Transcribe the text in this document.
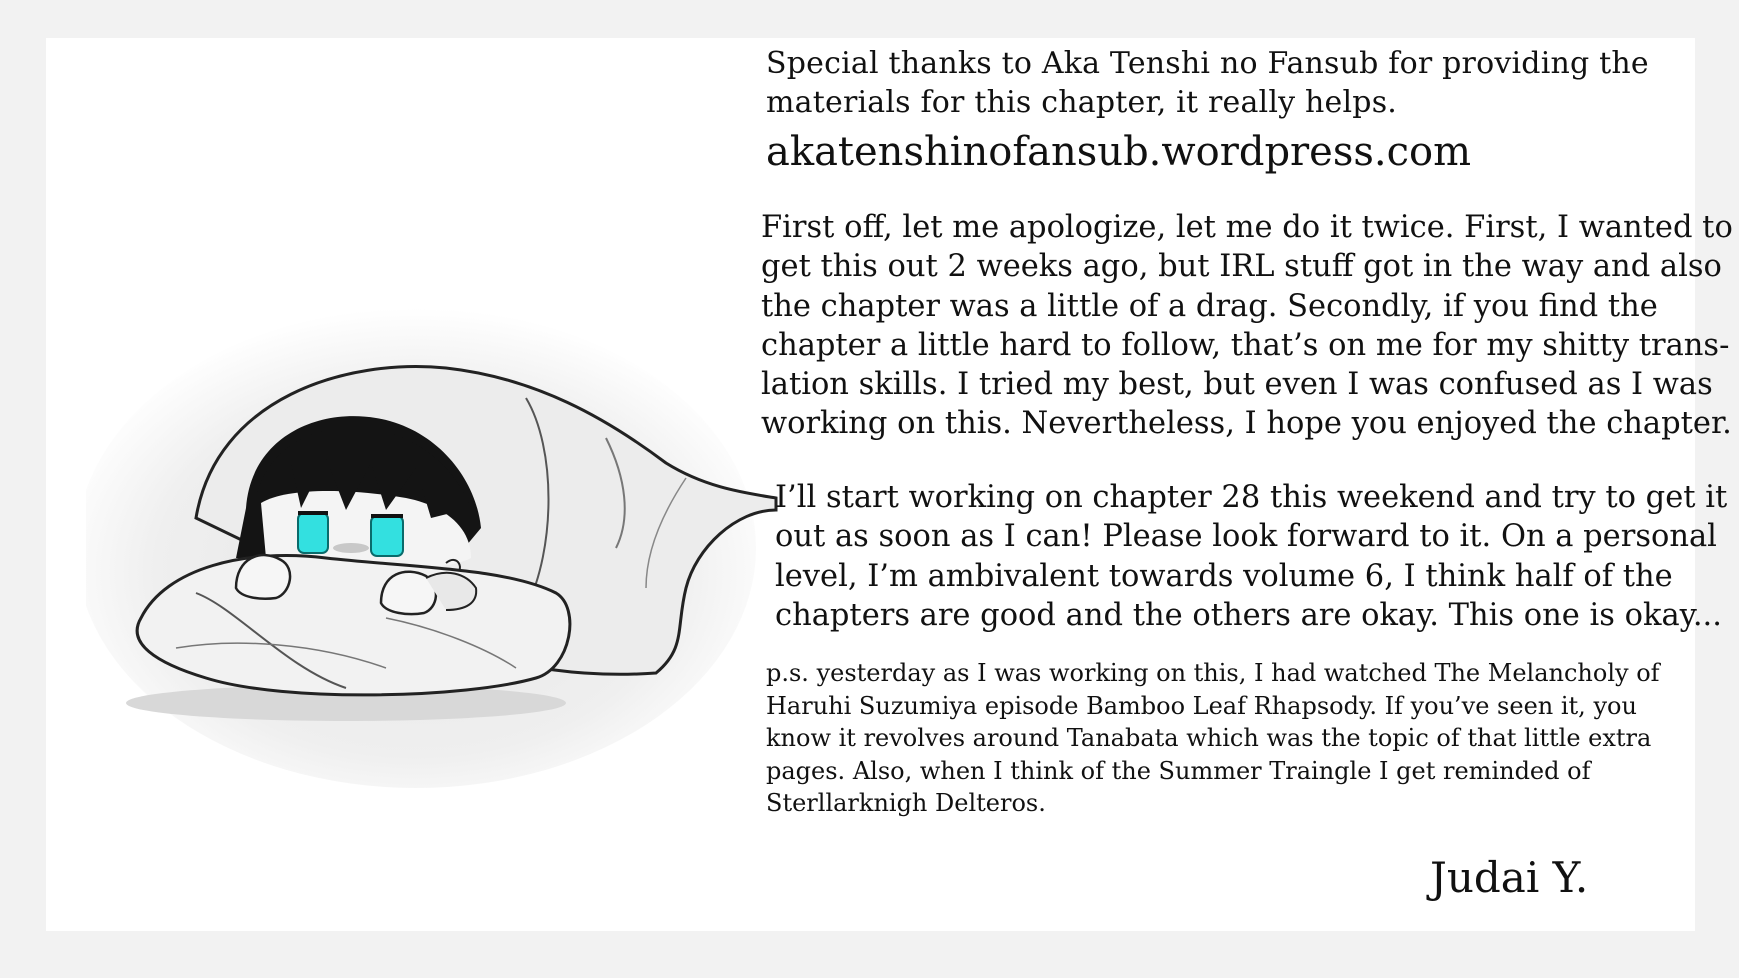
Special thanks to Aka Tenshi no Fansub for providing the
materials for this chapter, it really helps.
akatenshinofansub.wordpress.com
First off, let me apologize, let me do it twice. First, I wanted to
get this out 2 weeks ago, but IRL stuff got in the way and also
the chapter was a little of a drag. Secondly, if you find the
chapter a little hard to follow, that’s on me for my shitty trans-
lation skills. I tried my best, but even I was confused as I was
working on this. Nevertheless, I hope you enjoyed the chapter.
I’ll start working on chapter 28 this weekend and try to get it
out as soon as I can! Please look forward to it. On a personal
level, I’m ambivalent towards volume 6, I think half of the
chapters are good and the others are okay. This one is okay...
p.s. yesterday as I was working on this, I had watched The Melancholy of
Haruhi Suzumiya episode Bamboo Leaf Rhapsody. If you’ve seen it, you
know it revolves around Tanabata which was the topic of that little extra
pages. Also, when I think of the Summer Traingle I get reminded of
Sterllarknigh Delteros.
Judai Y.
